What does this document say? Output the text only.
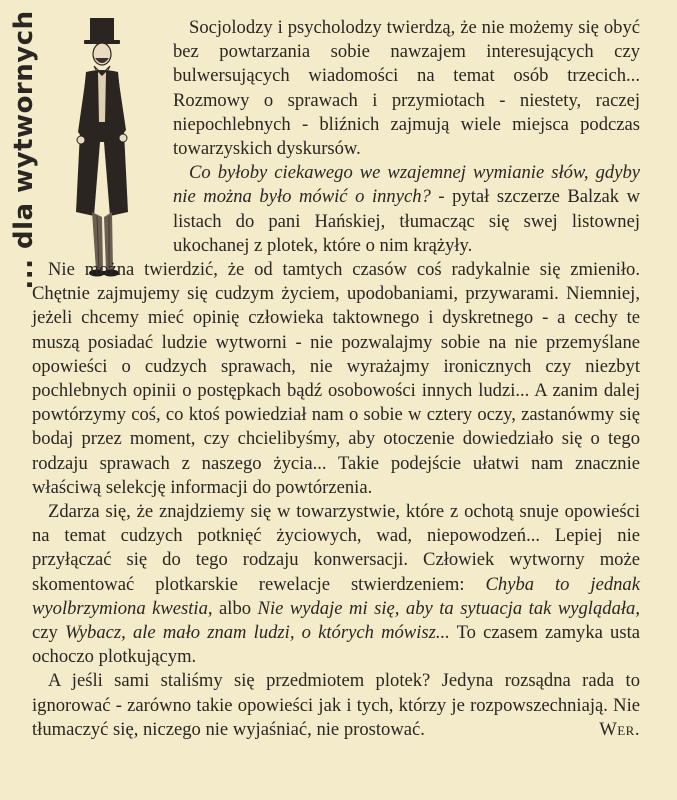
... dla wytwornych	Socjolodzy i psycholodzy twierdzą, że nie możemy się obyć bez powtarzania sobie nawzajem interesujących czy bulwersujących wiadomości na temat osób trzecich... Rozmowy o sprawach i przymiotach - niestety, raczej niepochlebnych - bliźnich zajmują wiele miejsca podczas towarzyskich dyskursów.

Co byłoby ciekawego we wzajemnej wymianie słów, gdyby nie można było mówić o innych? - pytał szczerze Balzak w listach do pani Hańskiej, tłumacząc się swej listownej ukochanej z plotek, które o nim krążyły.

Nie można twierdzić, że od tamtych czasów coś radykalnie się zmieniło. Chętnie zajmujemy się cudzym życiem, upodobaniami, przywarami. Niemniej, jeżeli chcemy mieć opinię człowieka taktownego i dyskretnego - a cechy te muszą posiadać ludzie wytworni - nie pozwalajmy sobie na nie przemyślane opowieści o cudzych sprawach, nie wyrażajmy ironicznych czy niezbyt pochlebnych opinii o postępkach bądź osobowości innych ludzi... A zanim dalej powtórzymy coś, co ktoś powiedział nam o sobie w cztery oczy, zastanówmy się bodaj przez moment, czy chcielibyśmy, aby otoczenie dowiedziało się o tego rodzaju sprawach z naszego życia... Takie podejście ułatwi nam znacznie właściwą selekcję informacji do powtórzenia.

Zdarza się, że znajdziemy się w towarzystwie, które z ochotą snuje opowieści na temat cudzych potknięć życiowych, wad, niepowodzeń... Lepiej nie przyłączać się do tego rodzaju konwersacji. Człowiek wytworny może skomentować plotkarskie rewelacje stwierdzeniem: Chyba to jednak wyolbrzymiona kwestia, albo Nie wydaje mi się, aby ta sytuacja tak wyglądała, czy Wybacz, ale mało znam ludzi, o których mówisz... To czasem zamyka usta ochoczo plotkującym.

A jeśli sami staliśmy się przedmiotem plotek? Jedyna rozsądna rada to ignorować - zarówno takie opowieści jak i tych, którzy je rozpowszechniają. Nie tłumaczyć się, niczego nie wyjaśniać, nie prostować.	Wer.
